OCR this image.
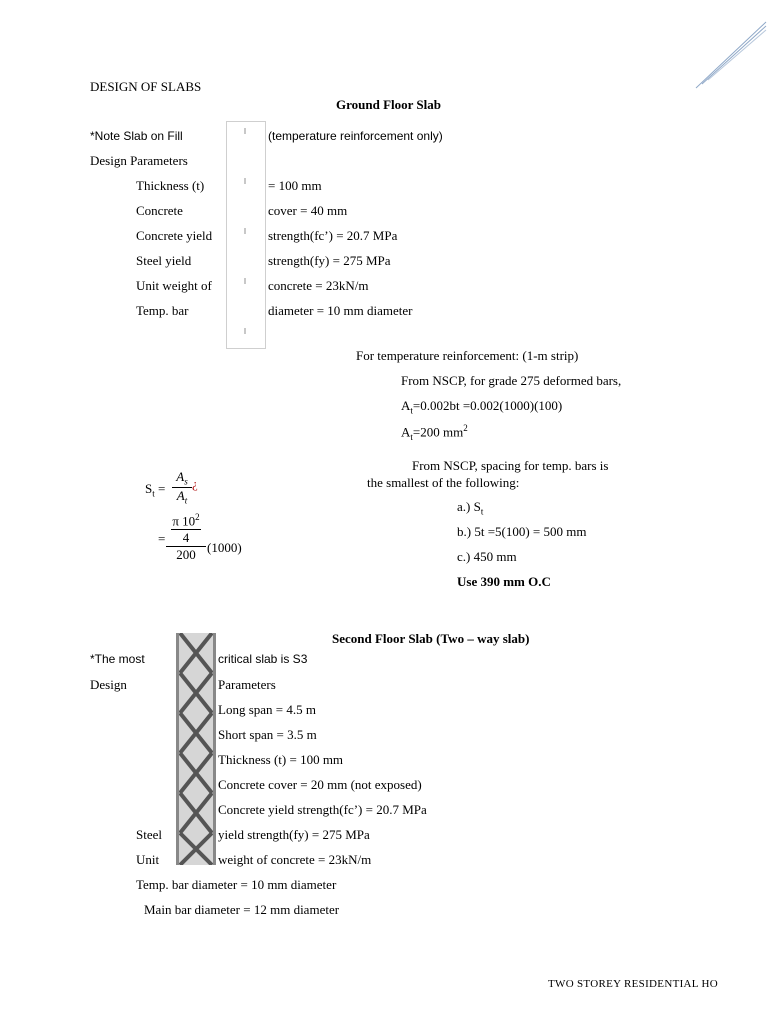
DESIGN OF SLABS
Ground Floor Slab
*Note Slab on Fill	(temperature reinforcement only)
Design Parameters
Thickness (t)	= 100 mm
Concrete	cover = 40 mm
Concrete yield	strength(fc’) = 20.7 MPa
Steel yield	strength(fy) = 275 MPa
Unit weight of	concrete = 23kN/m
Temp. bar	diameter = 10 mm diameter
For temperature reinforcement: (1-m strip)
From NSCP, for grade 275 deformed bars,
$A_t=0.002bt =0.002(1000)(100)$
$A_t=200$ $mm^2$
From NSCP, spacing for temp. bars is
the smallest of the following:
$S_t$ =
$A_s$
$A_t$
¿
=
π $10^2$
4
200 (1000)
a.) $S_t$
b.) 5t =5(100) = 500 mm
c.) 450 mm
Use 390 mm O.C
Second Floor Slab (Two – way slab)
*The most	critical slab is S3
Design	Parameters
Long span = 4.5 m
Short span = 3.5 m
Thickness (t) = 100 mm
Concrete cover = 20 mm (not exposed)
Concrete yield strength(fc’) = 20.7 MPa
Steel	yield strength(fy) = 275 MPa
Unit	weight of concrete = 23kN/m
Temp. bar diameter = 10 mm diameter
Main bar diameter = 12 mm diameter
TWO STOREY RESIDENTIAL HO
